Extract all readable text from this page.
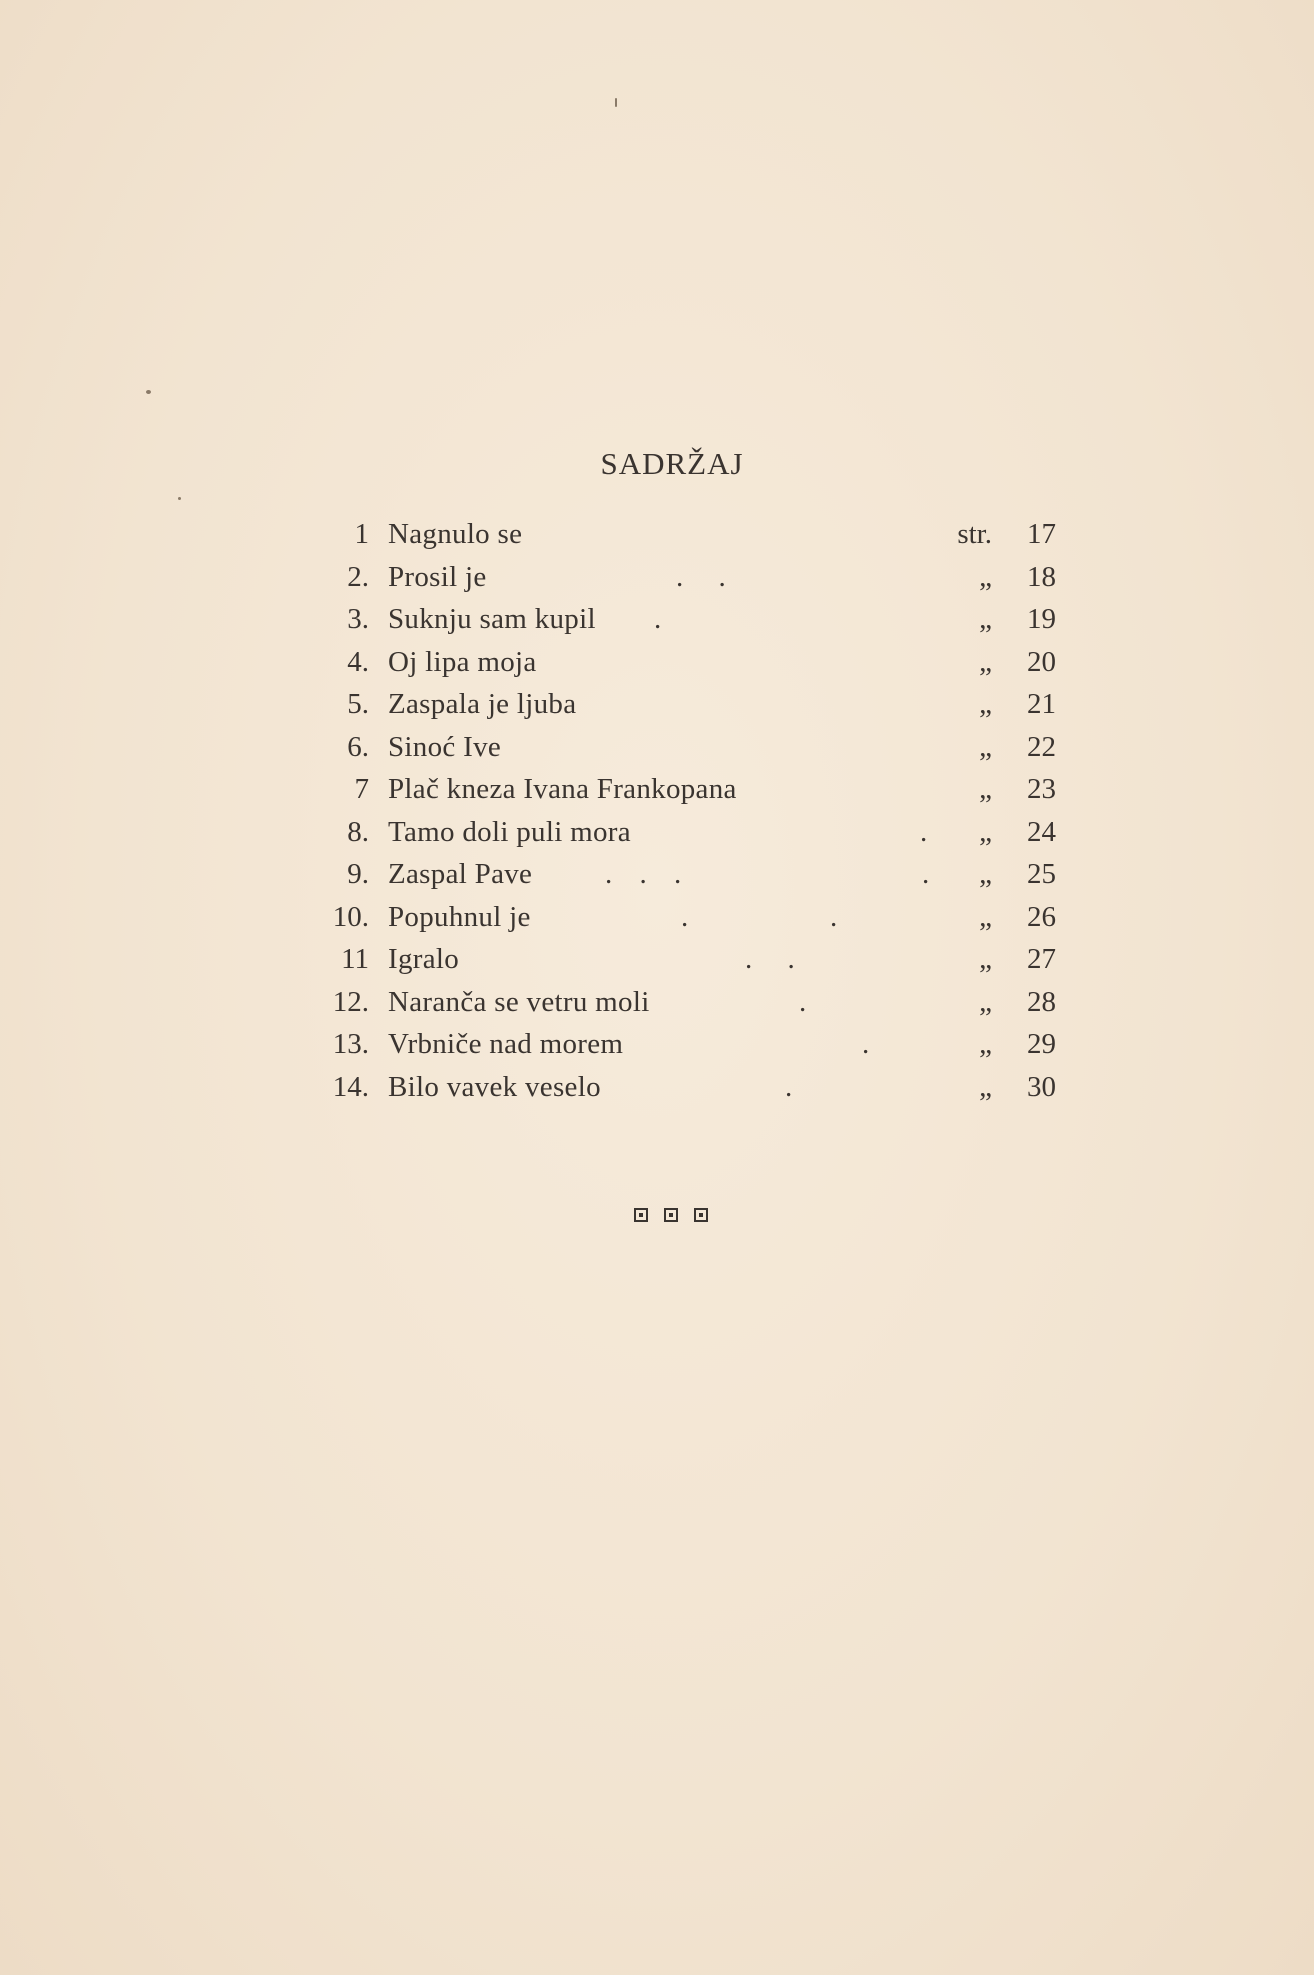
SADRŽAJ
1 Nagnulo se	str. 17
2. Prosil je	. .	„ 18
3. Suknju sam kupil .	„ 19
4. Oj lipa moja	„ 20
5. Zaspala je ljuba	„ 21
6. Sinoć Ive	„ 22
7 Plač kneza Ivana Frankopana	„ 23
8. Tamo doli puli mora	. „ 24
9. Zaspal Pave	. . .	. „ 25
10. Popuhnul je	.	.	„ 26
11 Igralo	. .	„ 27
12. Naranča se vetru moli	.	„ 28
13. Vrbniče nad morem	.	„ 29
14. Bilo vavek veselo	.	„ 30
